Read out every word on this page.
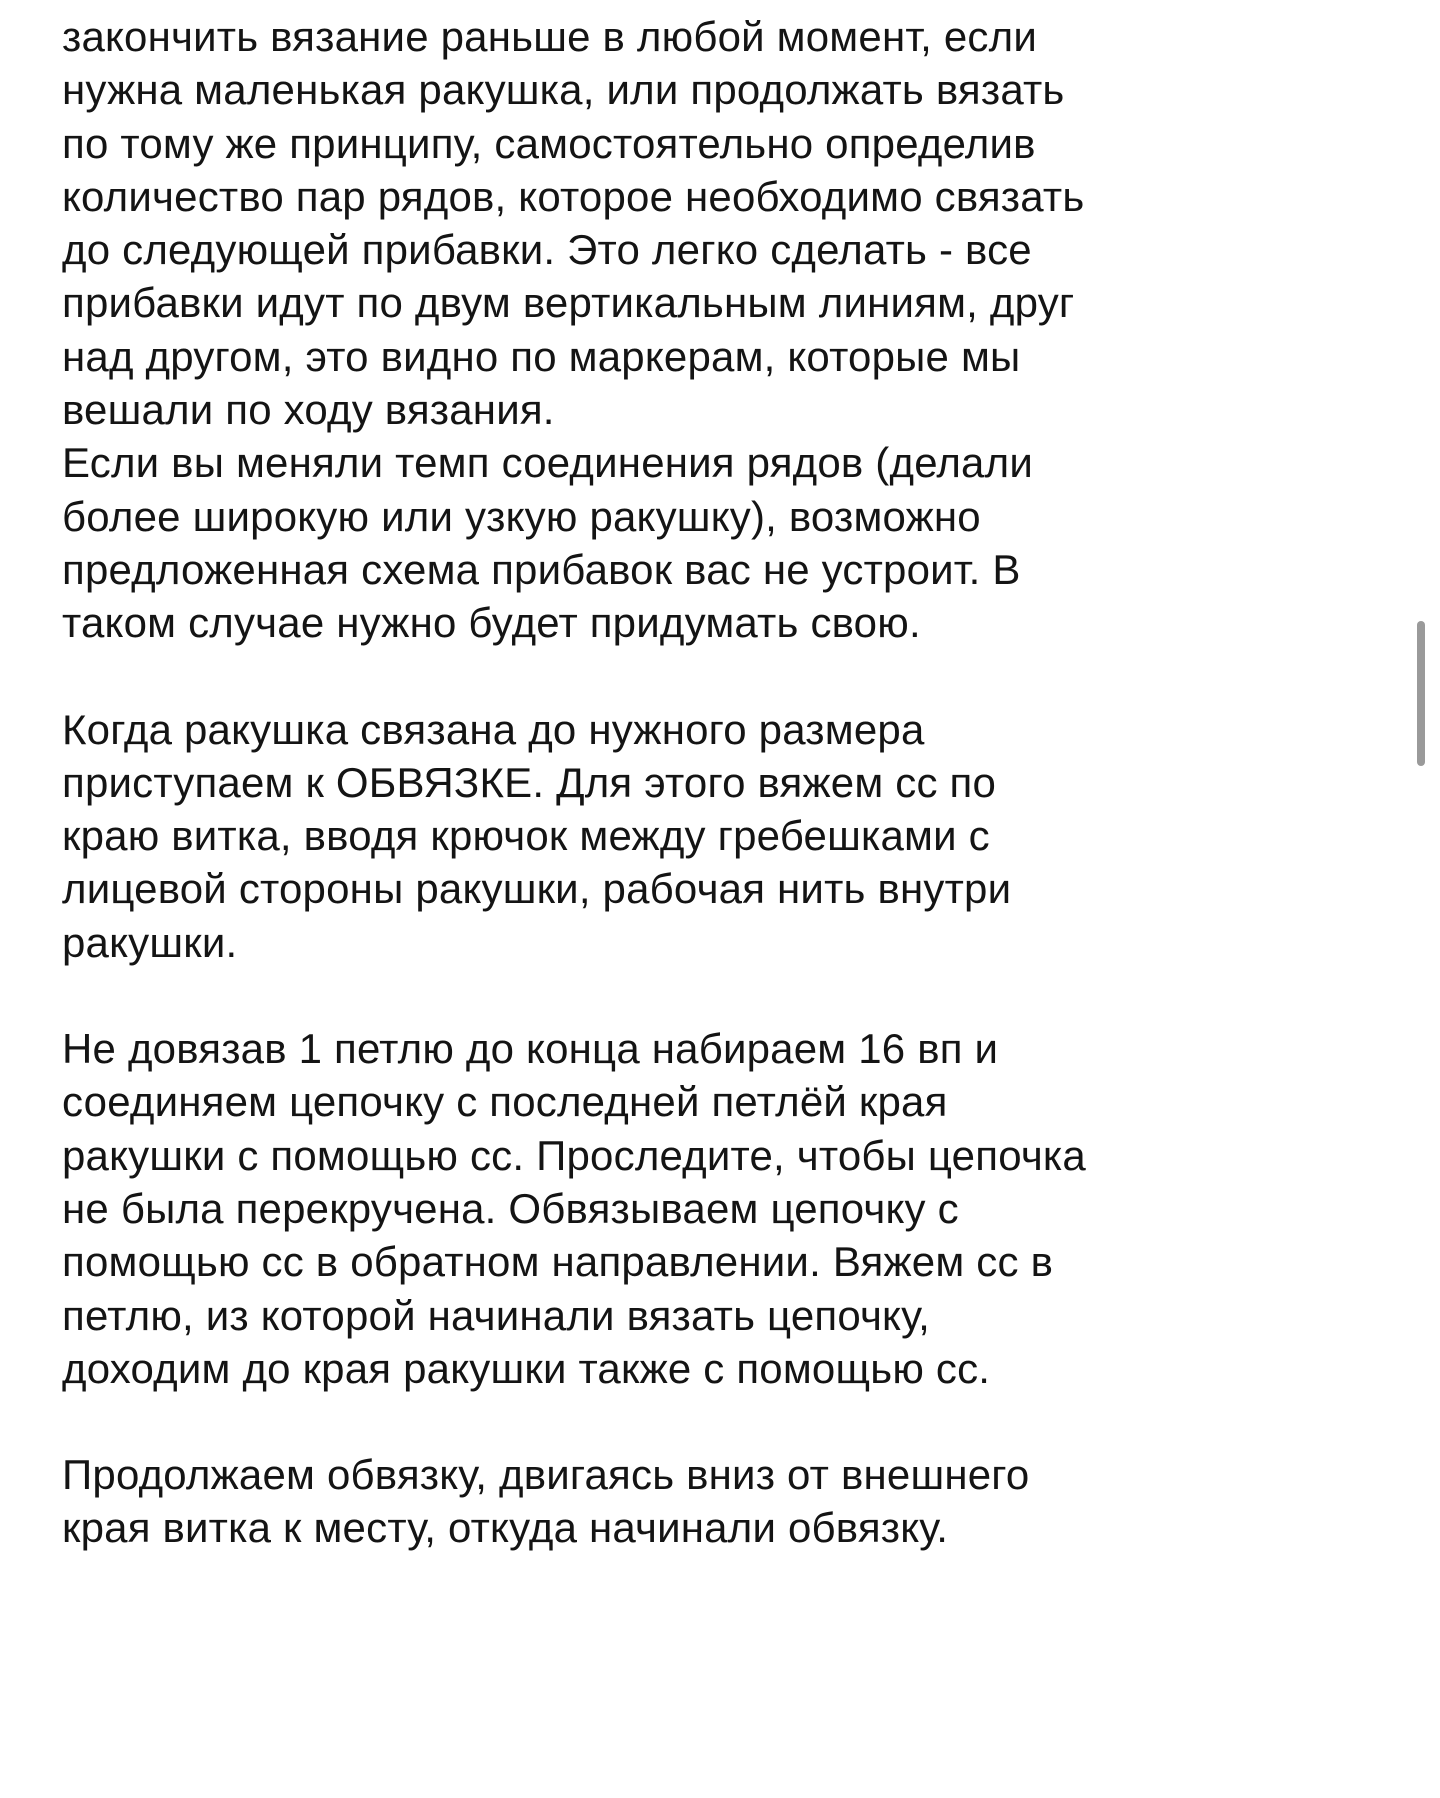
закончить вязание раньше в любой момент, если
нужна маленькая ракушка, или продолжать вязать
по тому же принципу, самостоятельно определив
количество пар рядов, которое необходимо связать
до следующей прибавки. Это легко сделать - все
прибавки идут по двум вертикальным линиям, друг
над другом, это видно по маркерам, которые мы
вешали по ходу вязания.

Если вы меняли темп соединения рядов (делали
более широкую или узкую ракушку), возможно
предложенная схема прибавок вас не устроит. В
таком случае нужно будет придумать свою.

Когда ракушка связана до нужного размера
приступаем к ОБВЯЗКЕ. Для этого вяжем сс по
краю витка, вводя крючок между гребешками с
лицевой стороны ракушки, рабочая нить внутри
ракушки.

Не довязав 1 петлю до конца набираем 16 вп и
соединяем цепочку с последней петлёй края
ракушки с помощью сс. Проследите, чтобы цепочка
не была перекручена. Обвязываем цепочку с
помощью сс в обратном направлении. Вяжем сс в
петлю, из которой начинали вязать цепочку,
доходим до края ракушки также с помощью сс.

Продолжаем обвязку, двигаясь вниз от внешнего
края витка к месту, откуда начинали обвязку.
